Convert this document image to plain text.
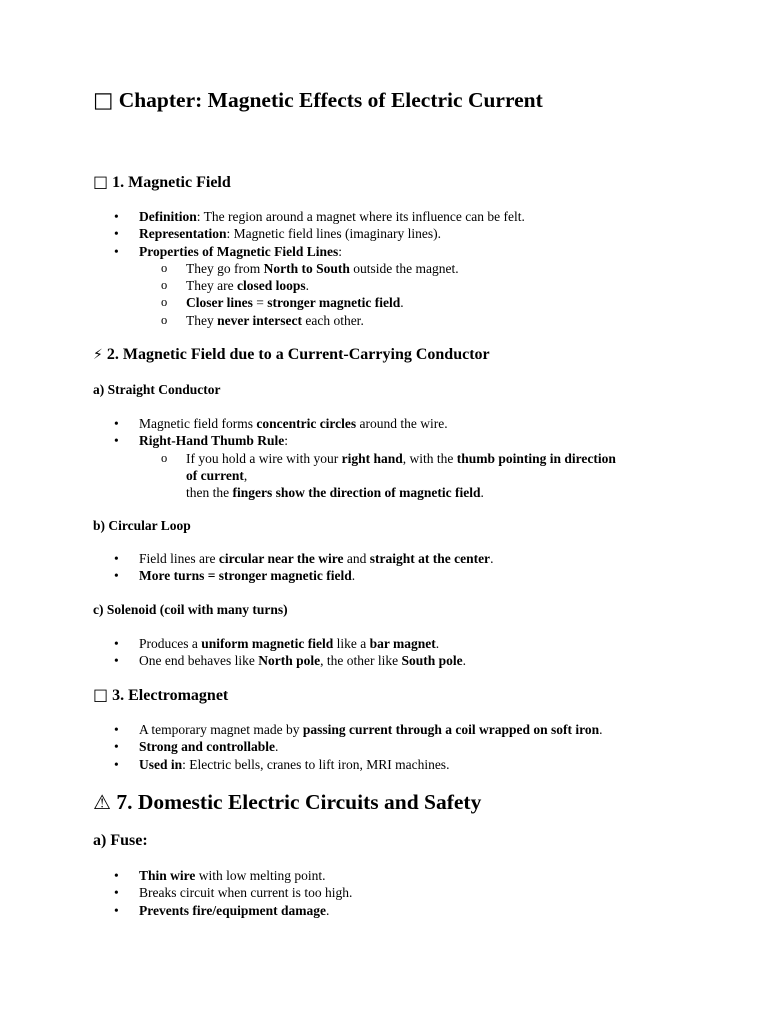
□ Chapter: Magnetic Effects of Electric Current
□ 1. Magnetic Field
• Definition: The region around a magnet where its influence can be felt.
• Representation: Magnetic field lines (imaginary lines).
• Properties of Magnetic Field Lines:
o They go from North to South outside the magnet.
o They are closed loops.
o Closer lines = stronger magnetic field.
o They never intersect each other.
⚡ 2. Magnetic Field due to a Current-Carrying Conductor
a) Straight Conductor
• Magnetic field forms concentric circles around the wire.
• Right-Hand Thumb Rule:
o If you hold a wire with your right hand, with the thumb pointing in direction of current,
then the fingers show the direction of magnetic field.
b) Circular Loop
• Field lines are circular near the wire and straight at the center.
• More turns = stronger magnetic field.
c) Solenoid (coil with many turns)
• Produces a uniform magnetic field like a bar magnet.
• One end behaves like North pole, the other like South pole.
□ 3. Electromagnet
• A temporary magnet made by passing current through a coil wrapped on soft iron.
• Strong and controllable.
• Used in: Electric bells, cranes to lift iron, MRI machines.
⚠ 7. Domestic Electric Circuits and Safety
a) Fuse:
• Thin wire with low melting point.
• Breaks circuit when current is too high.
• Prevents fire/equipment damage.
